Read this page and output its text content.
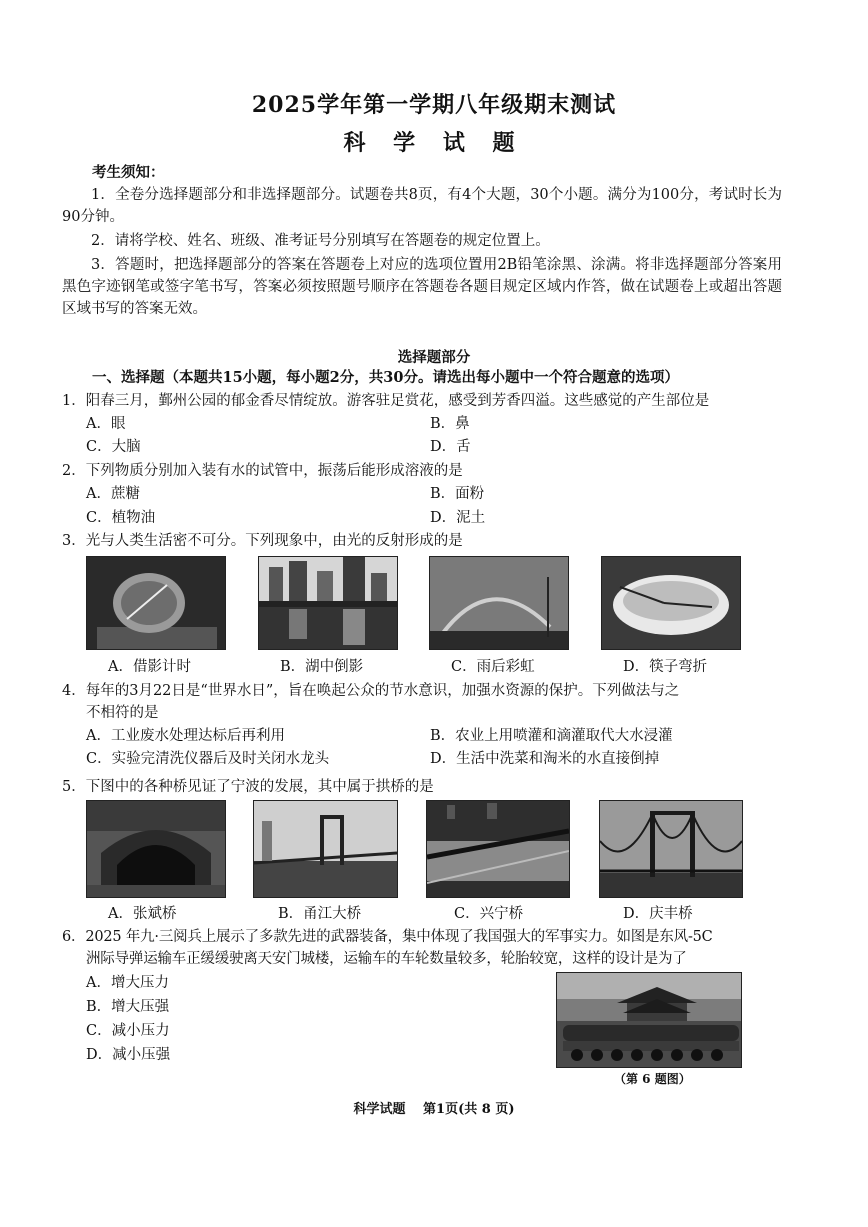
2025学年第一学期八年级期末测试
科 学 试 题
考生须知：
1．全卷分选择题部分和非选择题部分。试题卷共8页，有4个大题，30个小题。满分为100分，考试时长为90分钟。
2．请将学校、姓名、班级、准考证号分别填写在答题卷的规定位置上。
3．答题时，把选择题部分的答案在答题卷上对应的选项位置用2B铅笔涂黑、涂满。将非选择题部分答案用黑色字迹钢笔或签字笔书写，答案必须按照题号顺序在答题卷各题目规定区域内作答，做在试题卷上或超出答题区域书写的答案无效。
选择题部分
一、选择题（本题共15小题，每小题2分，共30分。请选出每小题中一个符合题意的选项）
1．阳春三月，鄞州公园的郁金香尽情绽放。游客驻足赏花，感受到芳香四溢。这些感觉的产生部位是
A．眼	B．鼻
C．大脑	D．舌
2．下列物质分别加入装有水的试管中，振荡后能形成溶液的是
A．蔗糖	B．面粉
C．植物油	D．泥土
3．光与人类生活密不可分。下列现象中，由光的反射形成的是
A．借影计时	B．湖中倒影	C．雨后彩虹	D．筷子弯折
4．每年的3月22日是“世界水日”，旨在唤起公众的节水意识，加强水资源的保护。下列做法与之
不相符的是
A．工业废水处理达标后再利用	B．农业上用喷灌和滴灌取代大水浸灌
C．实验完清洗仪器后及时关闭水龙头	D．生活中洗菜和淘米的水直接倒掉
5．下图中的各种桥见证了宁波的发展，其中属于拱桥的是
A．张斌桥	B．甬江大桥	C．兴宁桥	D．庆丰桥
6．2025 年九·三阅兵上展示了多款先进的武器装备，集中体现了我国强大的军事实力。如图是东风-5C
洲际导弹运输车正缓缓驶离天安门城楼，运输车的车轮数量较多，轮胎较宽，这样的设计是为了
A．增大压力
B．增大压强
C．减小压力
D．减小压强
（第 6 题图）
科学试题　 第1页(共 8 页)
